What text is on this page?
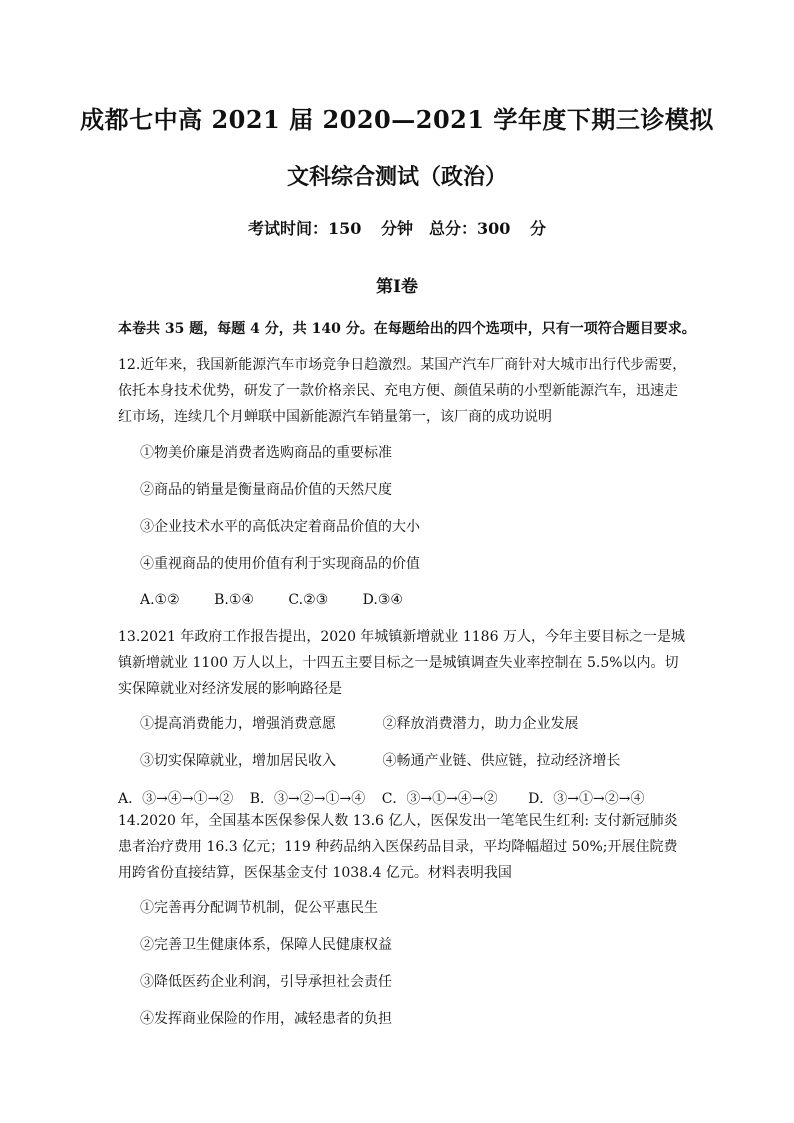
成都七中高 2021 届 2020—2021 学年度下期三诊模拟
文科综合测试（政治）
考试时间：150 分钟　总分：300 分
第Ⅰ卷
本卷共 35 题，每题 4 分，共 140 分。在每题给出的四个选项中，只有一项符合题目要求。
12.近年来，我国新能源汽车市场竞争日趋激烈。某国产汽车厂商针对大城市出行代步需要，依托本身技术优势，研发了一款价格亲民、充电方便、颜值呆萌的小型新能源汽车，迅速走红市场，连续几个月蝉联中国新能源汽车销量第一，该厂商的成功说明
①物美价廉是消费者选购商品的重要标准
②商品的销量是衡量商品价值的天然尺度
③企业技术水平的高低决定着商品价值的大小
④重视商品的使用价值有利于实现商品的价值
A.①② B.①④ C.②③ D.③④
13.2021 年政府工作报告提出，2020 年城镇新增就业 1186 万人，今年主要目标之一是城镇新增就业 1100 万人以上，十四五主要目标之一是城镇调查失业率控制在 5.5%以内。切实保障就业对经济发展的影响路径是
①提高消费能力，增强消费意愿	②释放消费潜力，助力企业发展
③切实保障就业，增加居民收入	④畅通产业链、供应链，拉动经济增长
A．③→④→①→② B．③→②→①→④ C．③→①→④→② D．③→①→②→④
14.2020 年，全国基本医保参保人数 13.6 亿人，医保发出一笔笔民生红利: 支付新冠肺炎患者治疗费用 16.3 亿元；119 种药品纳入医保药品目录，平均降幅超过 50%;开展住院费用跨省份直接结算，医保基金支付 1038.4 亿元。材料表明我国
①完善再分配调节机制，促公平惠民生
②完善卫生健康体系，保障人民健康权益
③降低医药企业利润，引导承担社会责任
④发挥商业保险的作用，减轻患者的负担
